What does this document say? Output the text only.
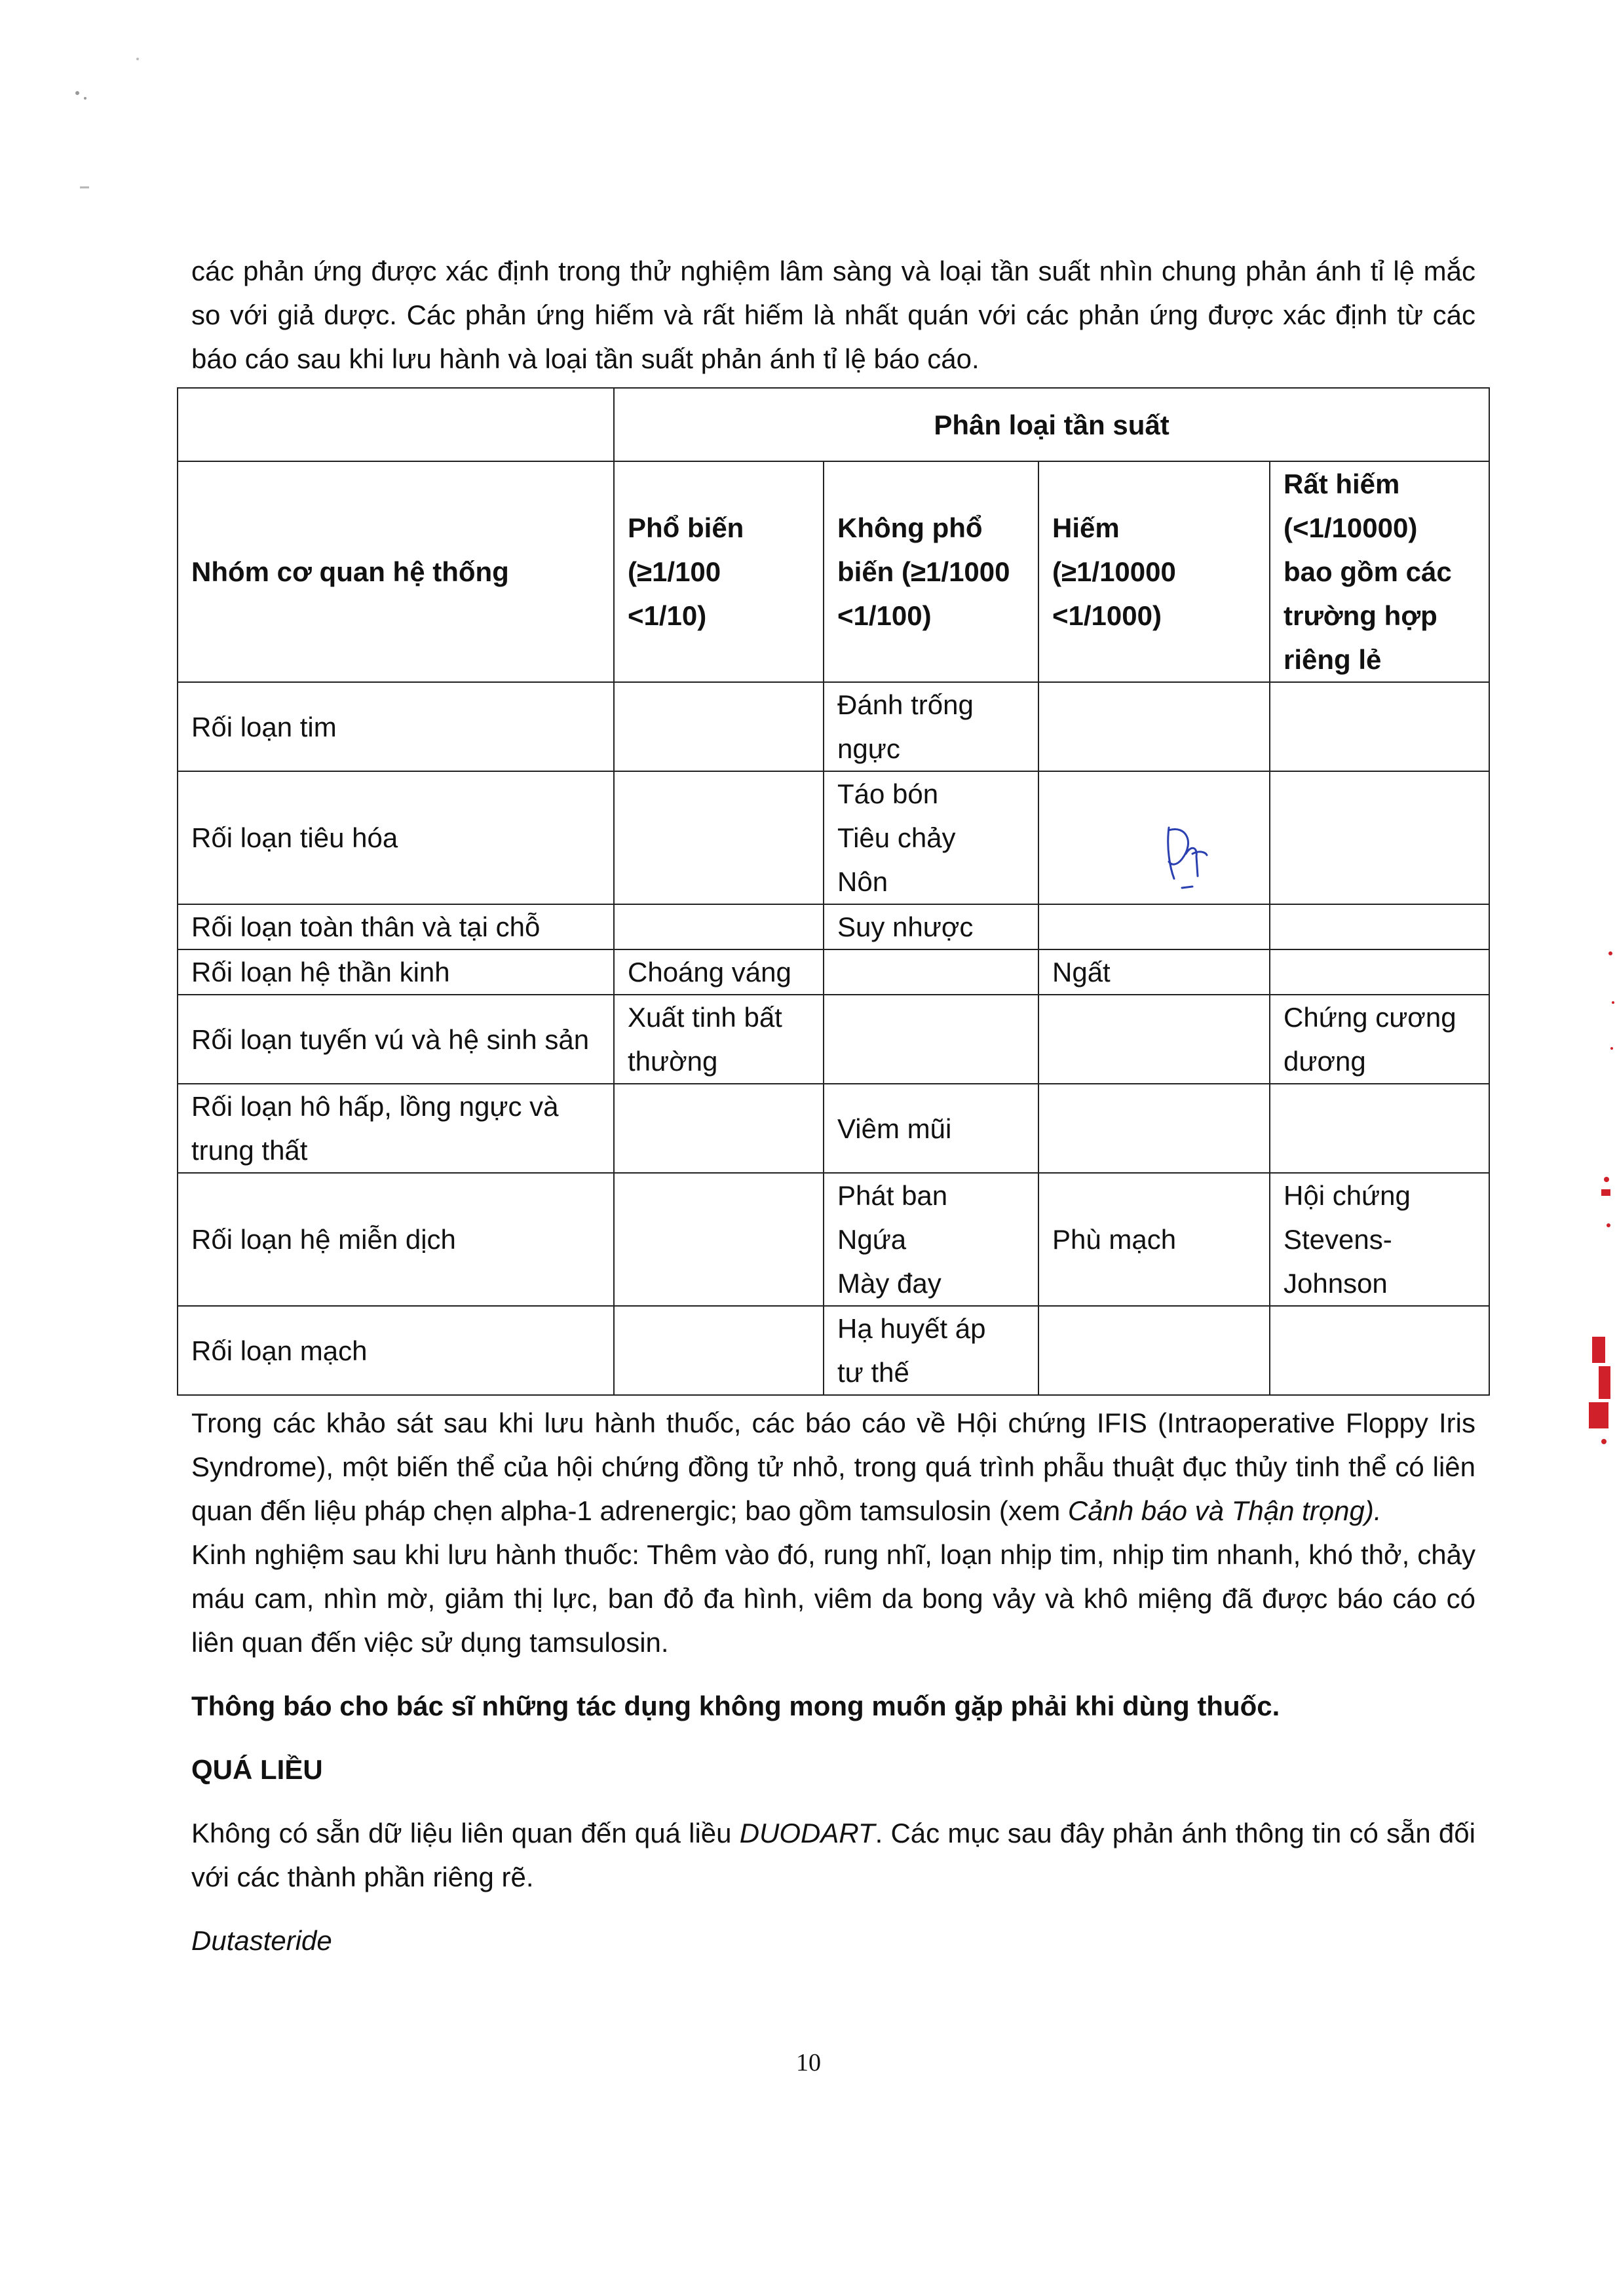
các phản ứng được xác định trong thử nghiệm lâm sàng và loại tần suất nhìn chung phản ánh tỉ lệ mắc so với giả dược. Các phản ứng hiếm và rất hiếm là nhất quán với các phản ứng được xác định từ các báo cáo sau khi lưu hành và loại tần suất phản ánh tỉ lệ báo cáo.

	Phân loại tần suất			
Nhóm cơ quan hệ thống	Phổ biến
(≥1/100
<1/10)	Không phổ
biến (≥1/1000
<1/100)	Hiếm
(≥1/10000
<1/1000)	Rất hiếm
(<1/10000)
bao gồm các
trường hợp
riêng lẻ

Rối loạn tim		Đánh trống
ngực		

Rối loạn tiêu hóa		Táo bón
Tiêu chảy
Nôn		

Rối loạn toàn thân và tại chỗ		Suy nhược		

Rối loạn hệ thần kinh	Choáng váng		Ngất	
Rối loạn tuyến vú và hệ sinh sản	Xuất tinh bất thường			Chứng cương
dương

Rối loạn hô hấp, lồng ngực và trung thất		Viêm mũi		

Rối loạn hệ miễn dịch		Phát ban
Ngứa
Mày đay	Phù mạch	Hội chứng
Stevens-
Johnson

Rối loạn mạch		Hạ huyết áp
tư thế		

Trong các khảo sát sau khi lưu hành thuốc, các báo cáo về Hội chứng IFIS (Intraoperative Floppy Iris Syndrome), một biến thể của hội chứng đồng tử nhỏ, trong quá trình phẫu thuật đục thủy tinh thể có liên quan đến liệu pháp chẹn alpha-1 adrenergic; bao gồm tamsulosin (xem Cảnh báo và Thận trọng).

Kinh nghiệm sau khi lưu hành thuốc: Thêm vào đó, rung nhĩ, loạn nhịp tim, nhịp tim nhanh, khó thở, chảy máu cam, nhìn mờ, giảm thị lực, ban đỏ đa hình, viêm da bong vảy và khô miệng đã được báo cáo có liên quan đến việc sử dụng tamsulosin.

Thông báo cho bác sĩ những tác dụng không mong muốn gặp phải khi dùng thuốc.

QUÁ LIỀU

Không có sẵn dữ liệu liên quan đến quá liều DUODART. Các mục sau đây phản ánh thông tin có sẵn đối với các thành phần riêng rẽ.

Dutasteride

10
